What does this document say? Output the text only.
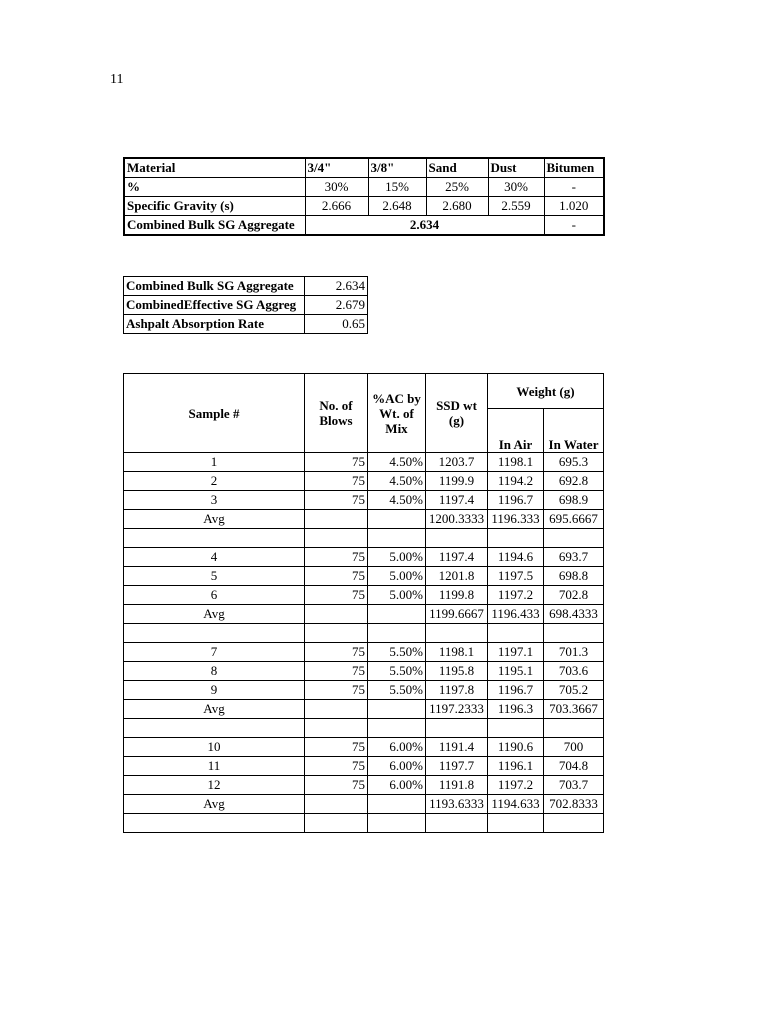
11
Material	3/4"	3/8"	Sand	Dust	Bitumen
%	30%	15%	25%	30%	-
Specific Gravity (s)	2.666	2.648	2.680	2.559	1.020
Combined Bulk SG Aggregate	2.634				-
Combined Bulk SG Aggregate	2.634
CombinedEffective SG Aggreg	2.679
Ashpalt Absorption Rate	0.65
Sample #	No. of Blows	%AC by Wt. of Mix	SSD wt (g)	Weight (g)	
				In Air	In Water
1	75	4.50%	1203.7	1198.1	695.3
2	75	4.50%	1199.9	1194.2	692.8
3	75	4.50%	1197.4	1196.7	698.9
Avg			1200.3333	1196.333	695.6667

4	75	5.00%	1197.4	1194.6	693.7
5	75	5.00%	1201.8	1197.5	698.8
6	75	5.00%	1199.8	1197.2	702.8
Avg			1199.6667	1196.433	698.4333

7	75	5.50%	1198.1	1197.1	701.3
8	75	5.50%	1195.8	1195.1	703.6
9	75	5.50%	1197.8	1196.7	705.2
Avg			1197.2333	1196.3	703.3667

10	75	6.00%	1191.4	1190.6	700
11	75	6.00%	1197.7	1196.1	704.8
12	75	6.00%	1191.8	1197.2	703.7
Avg			1193.6333	1194.633	702.8333
